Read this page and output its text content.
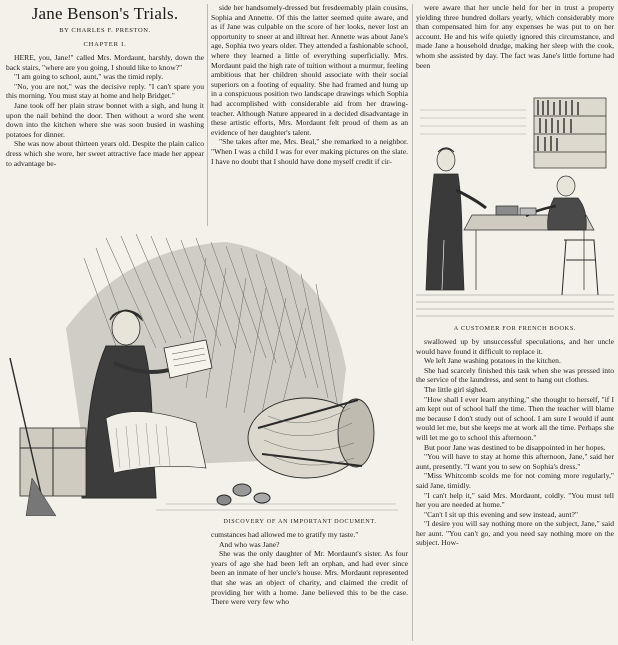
Jane Benson's Trials.
BY CHARLES F. PRESTON.
CHAPTER I.

HERE, you, Jane!" called Mrs. Mordaunt, harshly, down the back stairs, "where are you going, I should like to know?"

"I am going to school, aunt," was the timid reply.

"No, you are not," was the decisive reply. "I can't spare you this morning. You must stay at home and help Bridget."

Jane took off her plain straw bonnet with a sigh, and hung it upon the nail behind the door. Then without a word she went down into the kitchen where she was soon busied in washing potatoes for dinner.

She was now about thirteen years old. Despite the plain calico dress which she wore, her sweet attractive face made her appear to advantage be-

side her handsomely-dressed but fresdeemably plain cousins, Sophia and Annette. Of this the latter seemed quite aware, and as if Jane was culpable on the score of her looks, never lost an opportunity to sneer at and illtreat her. Annette was about Jane's age, Sophia two years older. They attended a fashionable school, where they learned a little of everything superficially. Mrs. Mordaunt paid the high rate of tuition without a murmur, feeling ambitious that her children should associate with their social superiors on a footing of equality. She had framed and hung up in a conspicuous position two landscape drawings which Sophia had accomplished with considerable aid from her drawing-teacher. Although Nature appeared in a decided disadvantage in these artistic efforts, Mrs. Mordaunt felt proud of them as an evidence of her daughter's talent.

"She takes after me, Mrs. Beal," she remarked to a neighbor. "When I was a child I was for ever making pictures on the slate. I have no doubt that I should have done myself credit if cir-

were aware that her uncle held for her in trust a property yielding three hundred dollars yearly, which considerably more than compensated him for any expenses he was put to on her account. He and his wife quietly ignored this circumstance, and made Jane a household drudge, making her sleep with the cook, whom she assisted by day. The fact was Jane's little fortune had been

A CUSTOMER FOR FRENCH BOOKS.

swallowed up by unsuccessful speculations, and her uncle would have found it difficult to replace it.

We left Jane washing potatoes in the kitchen.

She had scarcely finished this task when she was pressed into the service of the laundress, and sent to hang out clothes.

The little girl sighed.

"How shall I ever learn anything," she thought to herself, "if I am kept out of school half the time. Then the teacher will blame me because I don't study out of school. I am sure I would if aunt would let me, but she keeps me at work all the time. Perhaps she will let me go to school this afternoon."

But poor Jane was destined to be disappointed in her hopes.

"You will have to stay at home this afternoon, Jane," said her aunt, presently. "I want you to sew on Sophia's dress."

"Miss Whitcomb scolds me for not coming more regularly," said Jane, timidly.

"I can't help it," said Mrs. Mordaunt, coldly. "You must tell her you are needed at home."

"Can't I sit up this evening and sew instead, aunt?"

"I desire you will say nothing more on the subject, Jane," said her aunt. "You can't go, and you need say nothing more on the subject. How-

DISCOVERY OF AN IMPORTANT DOCUMENT.

cumstances had allowed me to gratify my taste."

And who was Jane?

She was the only daughter of Mr. Mordaunt's sister. As four years of age she had been left an orphan, and had ever since been an inmate of her uncle's house. Mrs. Mordaunt represented that she was an object of charity, and claimed the credit of providing her with a home. Jane believed this to be the case. There were very few who
